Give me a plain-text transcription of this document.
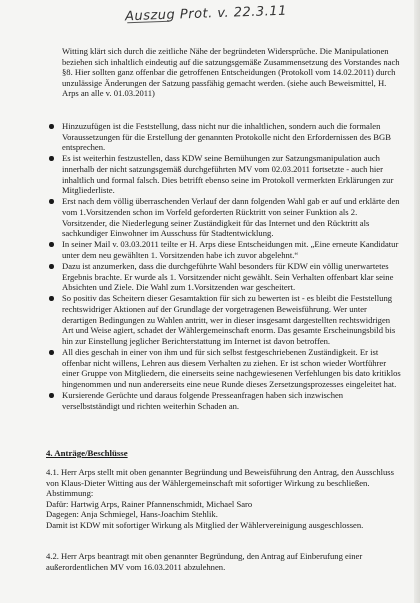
Auszug Prot. v. 22.3.11
Witting klärt sich durch die zeitliche Nähe der begründeten Widersprüche. Die Manipulationen beziehen sich inhaltlich eindeutig auf die satzungsgemäße Zusammensetzung des Vorstandes nach §8. Hier sollten ganz offenbar die getroffenen Entscheidungen (Protokoll vom 14.02.2011) durch unzulässige Änderungen der Satzung passfähig gemacht werden. (siehe auch Beweismittel, H. Arps an alle v. 01.03.2011)
Hinzuzufügen ist die Feststellung, dass nicht nur die inhaltlichen, sondern auch die formalen Voraussetzungen für die Erstellung der genannten Protokolle nicht den Erfordernissen des BGB entsprechen.
Es ist weiterhin festzustellen, dass KDW seine Bemühungen zur Satzungsmanipulation auch innerhalb der nicht satzungsgemäß durchgeführten MV vom 02.03.2011 fortsetzte - auch hier inhaltlich und formal falsch. Dies betrifft ebenso seine im Protokoll vermerkten Erklärungen zur Mitgliederliste.
Erst nach dem völlig überraschenden Verlauf der dann folgenden Wahl gab er auf und erklärte den vom 1.Vorsitzenden schon im Vorfeld geforderten Rücktritt von seiner Funktion als 2. Vorsitzender, die Niederlegung seiner Zuständigkeit für das Internet und den Rücktritt als sachkundiger Einwohner im Ausschuss für Stadtentwicklung.
In seiner Mail v. 03.03.2011 teilte er H. Arps diese Entscheidungen mit. „Eine erneute Kandidatur unter dem neu gewählten 1. Vorsitzenden habe ich zuvor abgelehnt.“
Dazu ist anzumerken, dass die durchgeführte Wahl besonders für KDW ein völlig unerwartetes Ergebnis brachte. Er wurde als 1. Vorsitzender nicht gewählt. Sein Verhalten offenbart klar seine Absichten und Ziele. Die Wahl zum 1.Vorsitzenden war gescheitert.
So positiv das Scheitern dieser Gesamtaktion für sich zu bewerten ist - es bleibt die Feststellung rechtswidriger Aktionen auf der Grundlage der vorgetragenen Beweisführung. Wer unter derartigen Bedingungen zu Wahlen antritt, wer in dieser insgesamt dargestellten rechtswidrigen Art und Weise agiert, schadet der Wählergemeinschaft enorm. Das gesamte Erscheinungsbild bis hin zur Einstellung jeglicher Berichterstattung im Internet ist davon betroffen.
All dies geschah in einer von ihm und für sich selbst festgeschriebenen Zuständigkeit. Er ist offenbar nicht willens, Lehren aus diesem Verhalten zu ziehen. Er ist schon wieder Wortführer einer Gruppe von Mitgliedern, die einerseits seine nachgewiesenen Verfehlungen bis dato kritiklos hingenommen und nun andererseits eine neue Runde dieses Zersetzungsprozesses eingeleitet hat.
Kursierende Gerüchte und daraus folgende Presseanfragen haben sich inzwischen verselbstständigt und richten weiterhin Schaden an.
4. Anträge/Beschlüsse
4.1. Herr Arps stellt mit oben genannter Begründung und Beweisführung den Antrag, den Ausschluss von Klaus-Dieter Witting aus der Wählergemeinschaft mit sofortiger Wirkung zu beschließen.
Abstimmung:
Dafür: Hartwig Arps, Rainer Pfannenschmidt, Michael Saro
Dagegen: Anja Schmiegel, Hans-Joachim Stehlik.
Damit ist KDW mit sofortiger Wirkung als Mitglied der Wählervereinigung ausgeschlossen.
4.2. Herr Arps beantragt mit oben genannter Begründung, den Antrag auf Einberufung einer außerordentlichen MV vom 16.03.2011 abzulehnen.
